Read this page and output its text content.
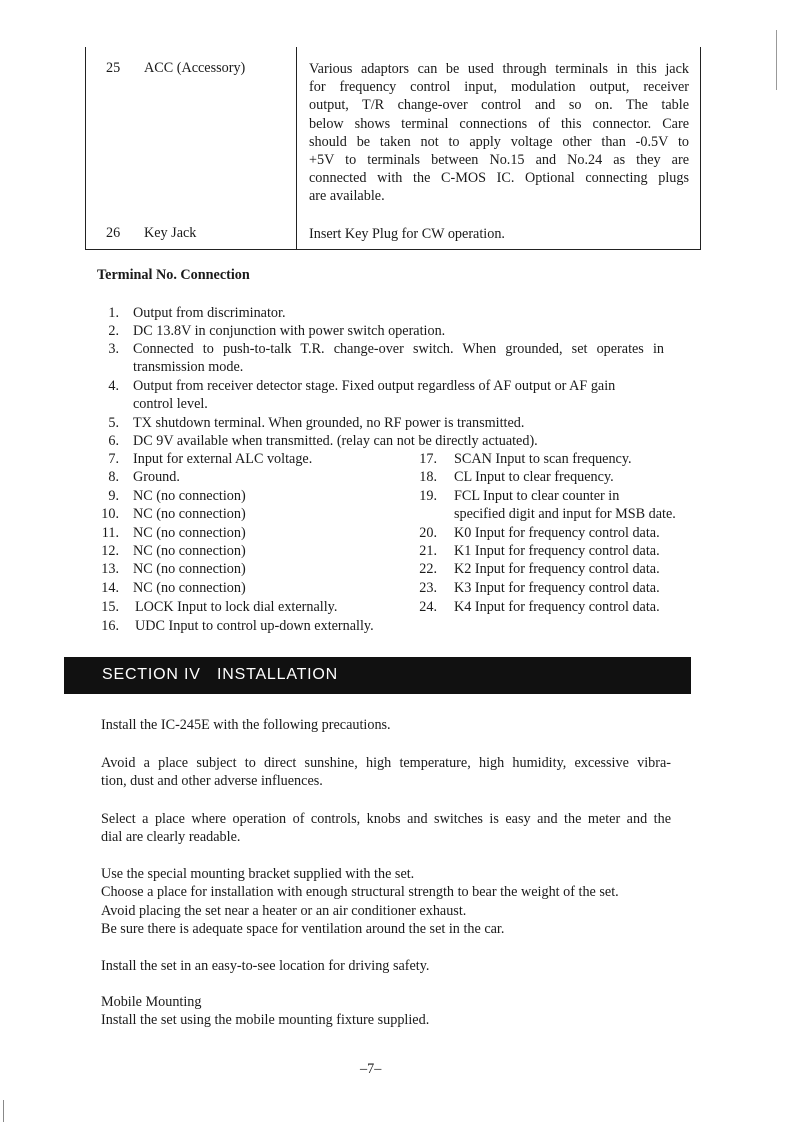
25 ACC (Accessory)	Various adaptors can be used through terminals in this jack
for frequency control input, modulation output, receiver
output, T/R change-over control and so on. The table
below shows terminal connections of this connector. Care
should be taken not to apply voltage other than -0.5V to
+5V to terminals between No.15 and No.24 as they are
connected with the C-MOS IC. Optional connecting plugs
are available.
26 Key Jack	Insert Key Plug for CW operation.
Terminal No. Connection
1. Output from discriminator.
2. DC 13.8V in conjunction with power switch operation.
3. Connected to push-to-talk T.R. change-over switch. When grounded, set operates in
transmission mode.
4. Output from receiver detector stage. Fixed output regardless of AF output or AF gain
control level.
5. TX shutdown terminal. When grounded, no RF power is transmitted.
6. DC 9V available when transmitted. (relay can not be directly actuated).
7. Input for external ALC voltage.
8. Ground.
9. NC (no connection)
10. NC (no connection)
11. NC (no connection)
12. NC (no connection)
13. NC (no connection)
14. NC (no connection)
15. LOCK Input to lock dial externally.
16. UDC Input to control up-down externally.
17. SCAN Input to scan frequency.
18. CL Input to clear frequency.
19. FCL Input to clear counter in
specified digit and input for MSB date.
20. K0 Input for frequency control data.
21. K1 Input for frequency control data.
22. K2 Input for frequency control data.
23. K3 Input for frequency control data.
24. K4 Input for frequency control data.
SECTION IV INSTALLATION
Install the IC-245E with the following precautions.
Avoid a place subject to direct sunshine, high temperature, high humidity, excessive vibra-
tion, dust and other adverse influences.
Select a place where operation of controls, knobs and switches is easy and the meter and the
dial are clearly readable.
Use the special mounting bracket supplied with the set.
Choose a place for installation with enough structural strength to bear the weight of the set.
Avoid placing the set near a heater or an air conditioner exhaust.
Be sure there is adequate space for ventilation around the set in the car.
Install the set in an easy-to-see location for driving safety.
Mobile Mounting
Install the set using the mobile mounting fixture supplied.
–7–
